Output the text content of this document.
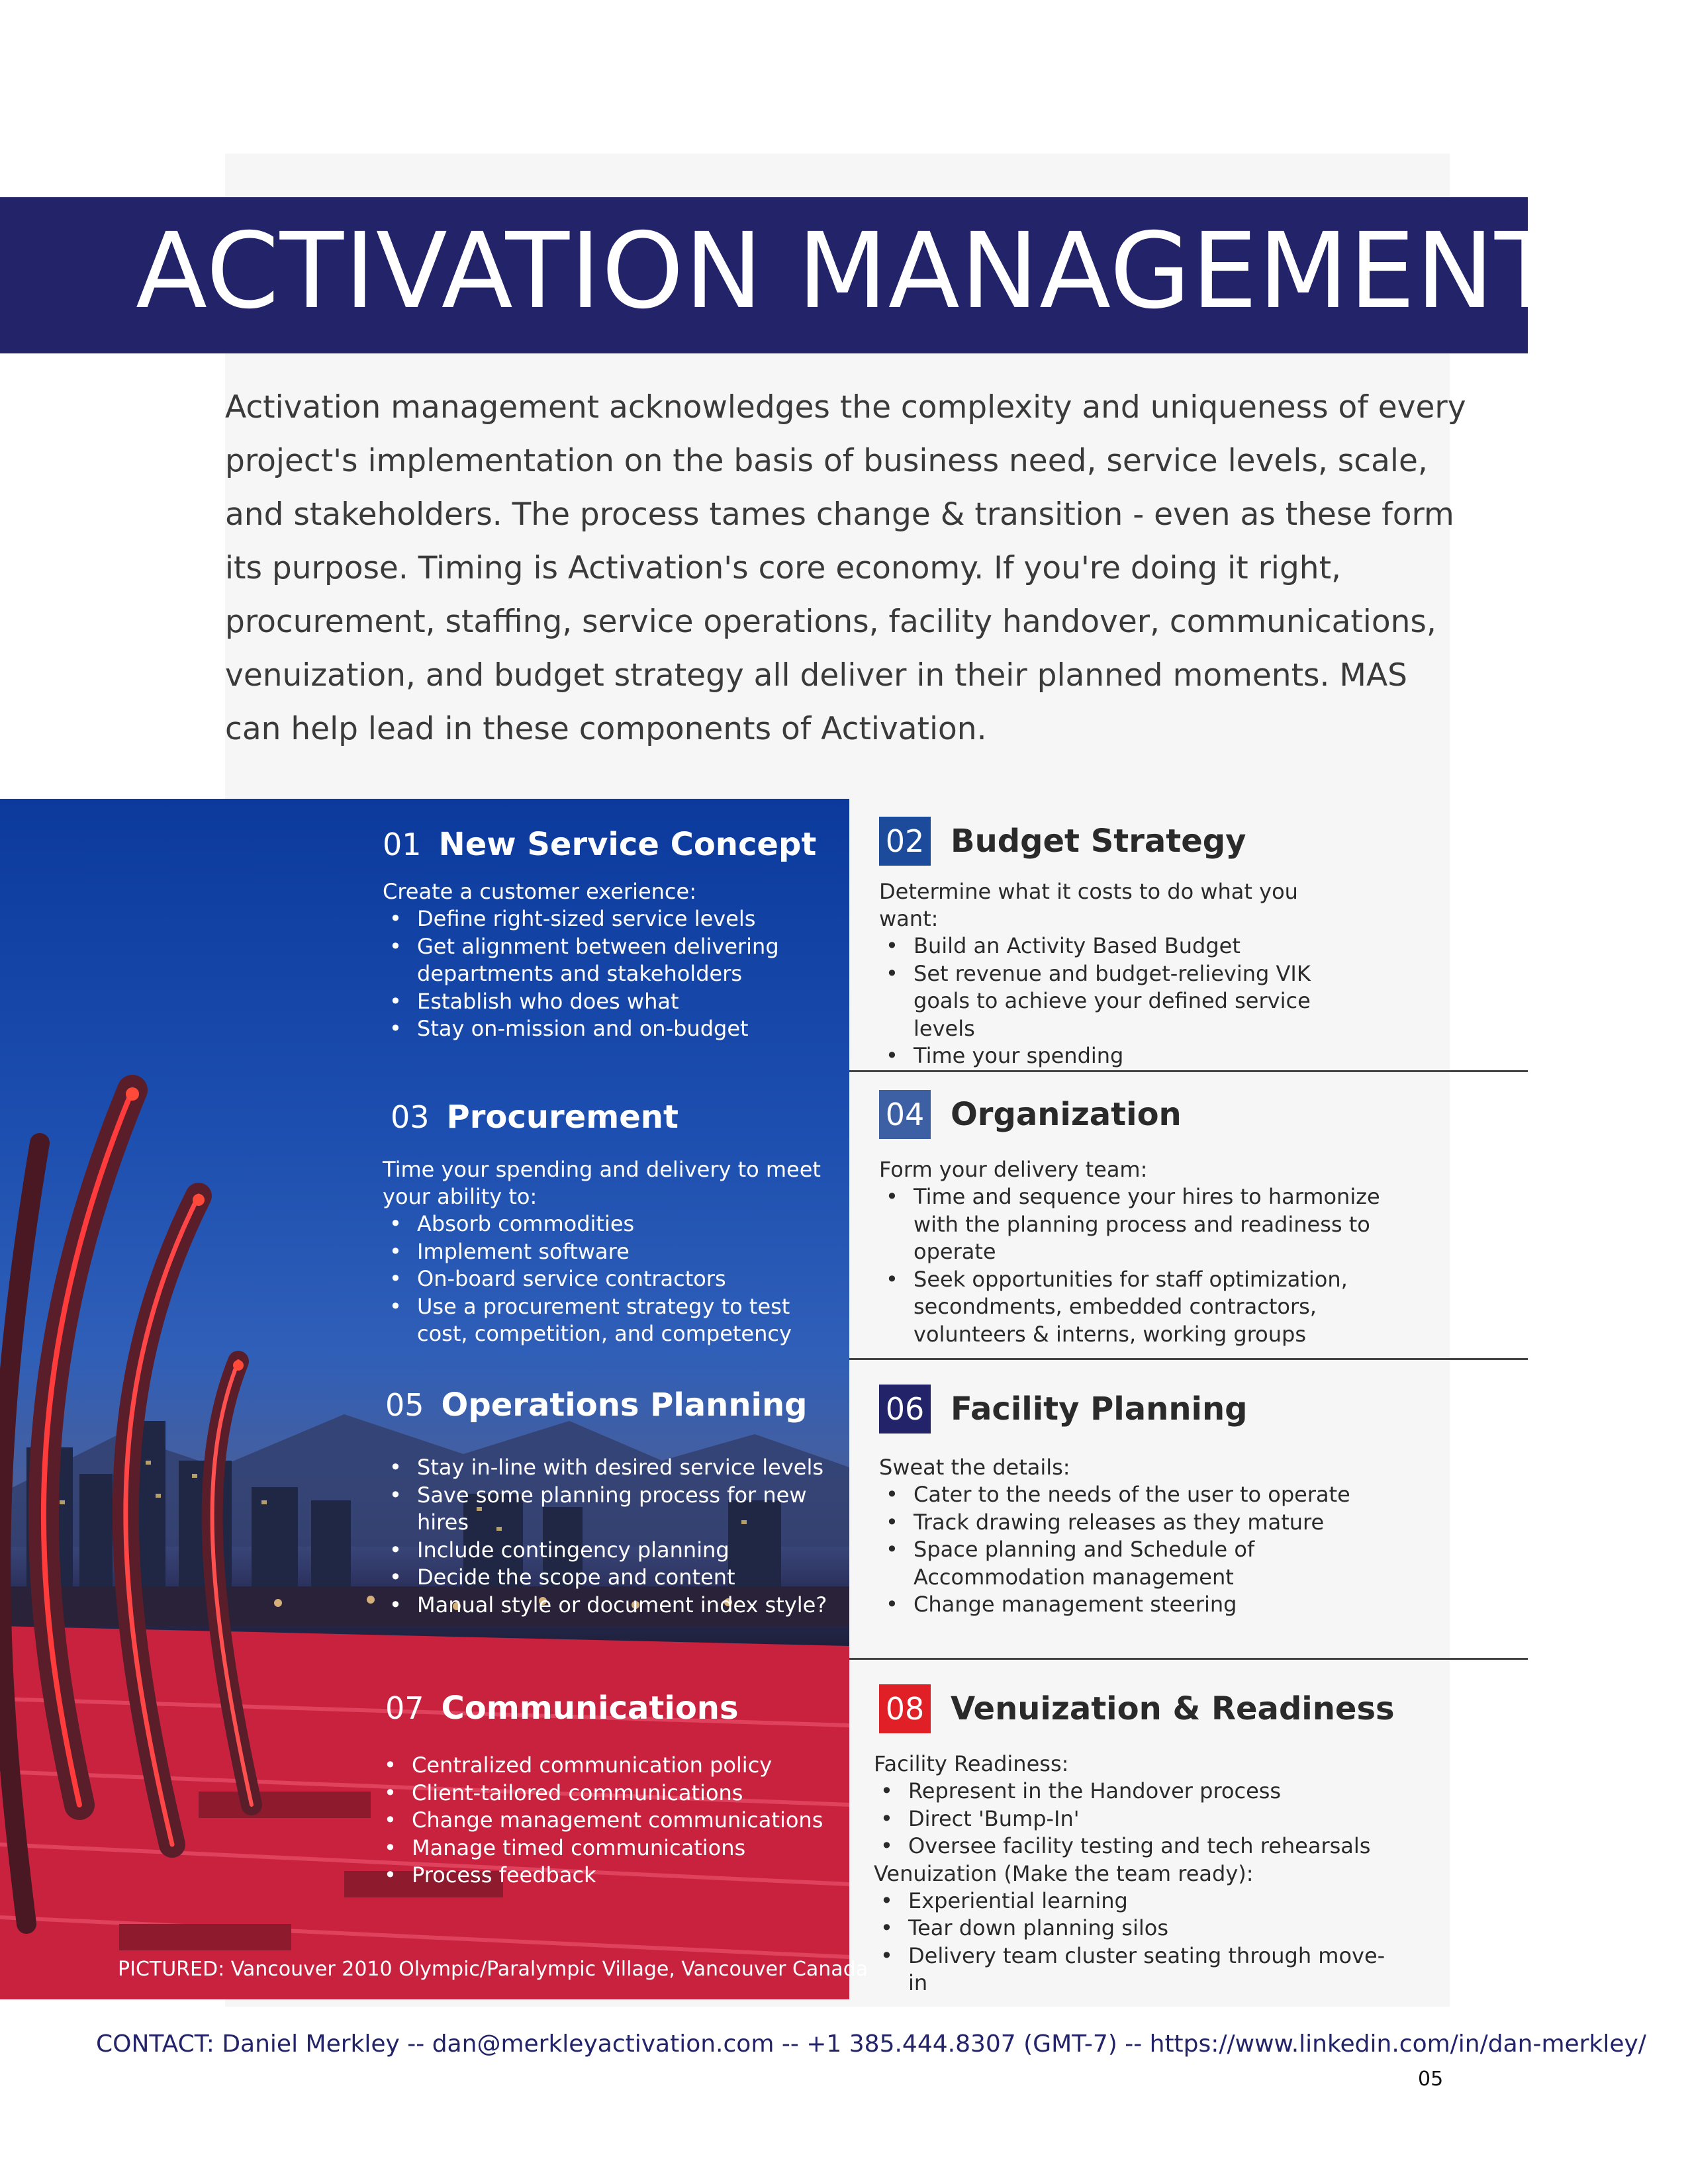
ACTIVATION MANAGEMENT

Activation management acknowledges the complexity and uniqueness of every project's implementation on the basis of business need, service levels, scale, and stakeholders. The process tames change & transition - even as these form its purpose. Timing is Activation's core economy. If you're doing it right, procurement, staffing, service operations, facility handover, communications, venuization, and budget strategy all deliver in their planned moments. MAS can help lead in these components of Activation.

01 New Service Concept

Create a customer exerience:

• Define right-sized service levels
• Get alignment between delivering departments and stakeholders
• Establish who does what
• Stay on-mission and on-budget
02 Budget Strategy

Determine what it costs to do what you want:

• Build an Activity Based Budget
• Set revenue and budget-relieving VIK goals to achieve your defined service levels
• Time your spending
03 Procurement

Time your spending and delivery to meet your ability to:

• Absorb commodities
• Implement software
• On-board service contractors
• Use a procurement strategy to test cost, competition, and competency
04 Organization

Form your delivery team:

• Time and sequence your hires to harmonize with the planning process and readiness to operate
• Seek opportunities for staff optimization, secondments, embedded contractors, volunteers & interns, working groups
05 Operations Planning
• Stay in-line with desired service levels
• Save some planning process for new hires
• Include contingency planning
• Decide the scope and content
• Manual style or document index style?
06 Facility Planning

Sweat the details:

• Cater to the needs of the user to operate
• Track drawing releases as they mature
• Space planning and Schedule of Accommodation management
• Change management steering
07 Communications
• Centralized communication policy
• Client-tailored communications
• Change management communications
• Manage timed communications
• Process feedback
08 Venuization & Readiness

Facility Readiness:

• Represent in the Handover process
• Direct 'Bump-In'
• Oversee facility testing and tech rehearsals

Venuization (Make the team ready):

• Experiential learning
• Tear down planning silos
• Delivery team cluster seating through move-in
PICTURED: Vancouver 2010 Olympic/Paralympic Village, Vancouver Canada
CONTACT: Daniel Merkley -- dan@merkleyactivation.com -- +1 385.444.8307 (GMT-7) -- https://www.linkedin.com/in/dan-merkley/
05
